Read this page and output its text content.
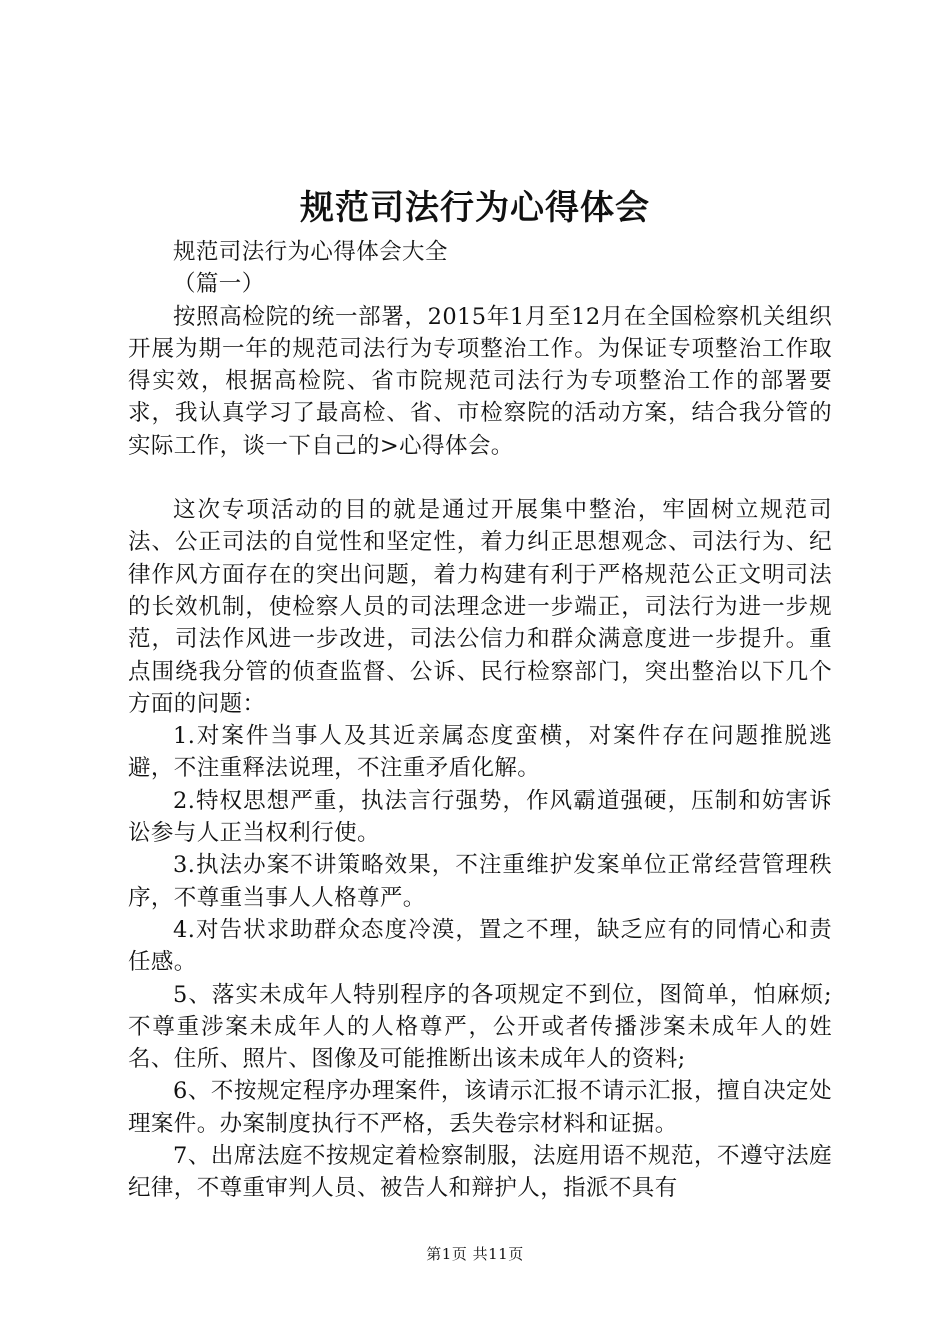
规范司法行为心得体会

规范司法行为心得体会大全

（篇一）

按照高检院的统一部署，2015年1月至12月在全国检察机关组织开展为期一年的规范司法行为专项整治工作。为保证专项整治工作取得实效，根据高检院、省市院规范司法行为专项整治工作的部署要求，我认真学习了最高检、省、市检察院的活动方案，结合我分管的实际工作，谈一下自己的>心得体会。

这次专项活动的目的就是通过开展集中整治，牢固树立规范司法、公正司法的自觉性和坚定性，着力纠正思想观念、司法行为、纪律作风方面存在的突出问题，着力构建有利于严格规范公正文明司法的长效机制，使检察人员的司法理念进一步端正，司法行为进一步规范，司法作风进一步改进，司法公信力和群众满意度进一步提升。重点围绕我分管的侦查监督、公诉、民行检察部门，突出整治以下几个方面的问题：

1.对案件当事人及其近亲属态度蛮横，对案件存在问题推脱逃避，不注重释法说理，不注重矛盾化解。

2.特权思想严重，执法言行强势，作风霸道强硬，压制和妨害诉讼参与人正当权利行使。

3.执法办案不讲策略效果，不注重维护发案单位正常经营管理秩序，不尊重当事人人格尊严。

4.对告状求助群众态度冷漠，置之不理，缺乏应有的同情心和责任感。

5、落实未成年人特别程序的各项规定不到位，图简单，怕麻烦;不尊重涉案未成年人的人格尊严，公开或者传播涉案未成年人的姓名、住所、照片、图像及可能推断出该未成年人的资料;

6、不按规定程序办理案件，该请示汇报不请示汇报，擅自决定处理案件。办案制度执行不严格，丢失卷宗材料和证据。

7、出席法庭不按规定着检察制服，法庭用语不规范，不遵守法庭纪律，不尊重审判人员、被告人和辩护人，指派不具有

第1页 共11页
